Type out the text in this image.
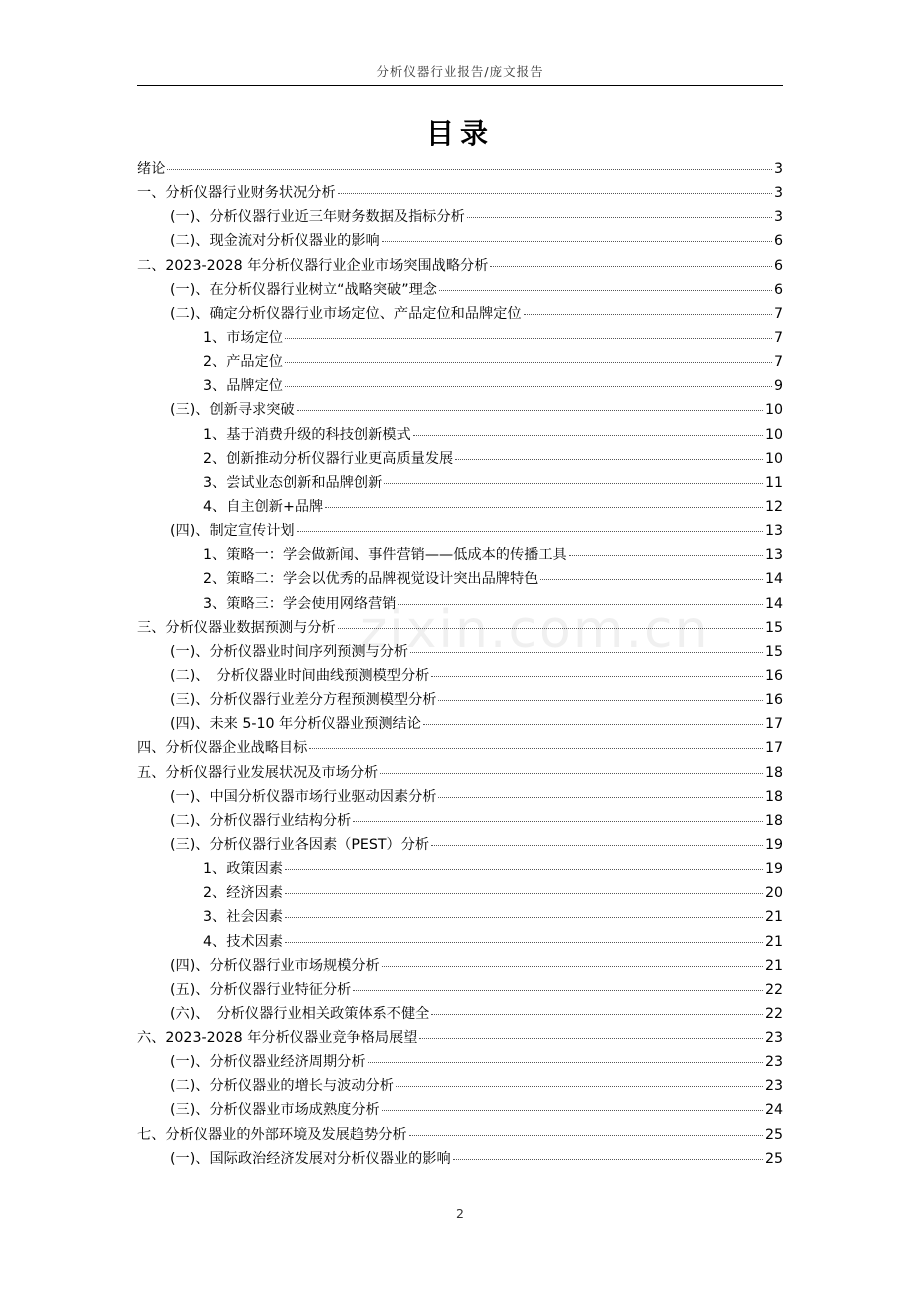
分析仪器行业报告/庞文报告
目录
绪论	3
一、分析仪器行业财务状况分析	3
(一)、分析仪器行业近三年财务数据及指标分析	3
(二)、现金流对分析仪器业的影响	6
二、2023-2028 年分析仪器行业企业市场突围战略分析	6
(一)、在分析仪器行业树立“战略突破”理念	6
(二)、确定分析仪器行业市场定位、产品定位和品牌定位	7
1、市场定位	7
2、产品定位	7
3、品牌定位	9
(三)、创新寻求突破	10
1、基于消费升级的科技创新模式	10
2、创新推动分析仪器行业更高质量发展	10
3、尝试业态创新和品牌创新	11
4、自主创新+品牌	12
(四)、制定宣传计划	13
1、策略一：学会做新闻、事件营销——低成本的传播工具	13
2、策略二：学会以优秀的品牌视觉设计突出品牌特色	14
3、策略三：学会使用网络营销	14
三、分析仪器业数据预测与分析	15
(一)、分析仪器业时间序列预测与分析	15
(二)、　分析仪器业时间曲线预测模型分析	16
(三)、分析仪器行业差分方程预测模型分析	16
(四)、未来 5-10 年分析仪器业预测结论	17
四、分析仪器企业战略目标	17
五、分析仪器行业发展状况及市场分析	18
(一)、中国分析仪器市场行业驱动因素分析	18
(二)、分析仪器行业结构分析	18
(三)、分析仪器行业各因素（PEST）分析	19
1、政策因素	19
2、经济因素	20
3、社会因素	21
4、技术因素	21
(四)、分析仪器行业市场规模分析	21
(五)、分析仪器行业特征分析	22
(六)、　分析仪器行业相关政策体系不健全	22
六、2023-2028 年分析仪器业竞争格局展望	23
(一)、分析仪器业经济周期分析	23
(二)、分析仪器业的增长与波动分析	23
(三)、分析仪器业市场成熟度分析	24
七、分析仪器业的外部环境及发展趋势分析	25
(一)、国际政治经济发展对分析仪器业的影响	25
zixin.com.cn
2
